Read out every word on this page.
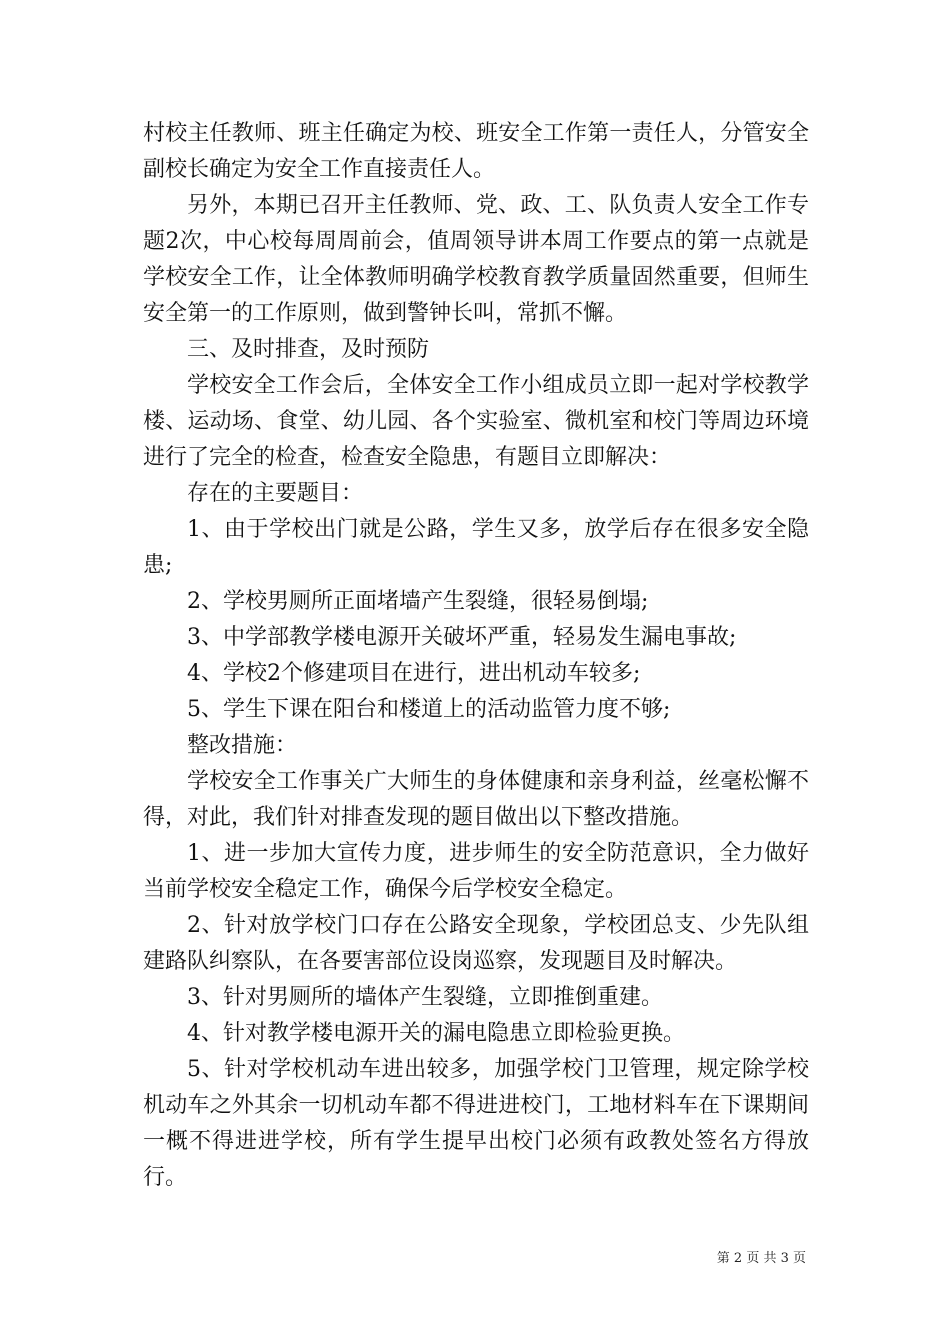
村校主任教师、班主任确定为校、班安全工作第一责任人，分管安全副校长确定为安全工作直接责任人。

另外，本期已召开主任教师、党、政、工、队负责人安全工作专题2次，中心校每周周前会，值周领导讲本周工作要点的第一点就是学校安全工作，让全体教师明确学校教育教学质量固然重要，但师生安全第一的工作原则，做到警钟长叫，常抓不懈。

三、及时排查，及时预防

学校安全工作会后，全体安全工作小组成员立即一起对学校教学楼、运动场、食堂、幼儿园、各个实验室、微机室和校门等周边环境进行了完全的检查，检查安全隐患，有题目立即解决：

存在的主要题目：

1、由于学校出门就是公路，学生又多，放学后存在很多安全隐患;

2、学校男厕所正面堵墙产生裂缝，很轻易倒塌;

3、中学部教学楼电源开关破坏严重，轻易发生漏电事故;

4、学校2个修建项目在进行，进出机动车较多;

5、学生下课在阳台和楼道上的活动监管力度不够;

整改措施：

学校安全工作事关广大师生的身体健康和亲身利益，丝毫松懈不得，对此，我们针对排查发现的题目做出以下整改措施。

1、进一步加大宣传力度，进步师生的安全防范意识，全力做好当前学校安全稳定工作，确保今后学校安全稳定。

2、针对放学校门口存在公路安全现象，学校团总支、少先队组建路队纠察队，在各要害部位设岗巡察，发现题目及时解决。

3、针对男厕所的墙体产生裂缝，立即推倒重建。

4、针对教学楼电源开关的漏电隐患立即检验更换。

5、针对学校机动车进出较多，加强学校门卫管理，规定除学校机动车之外其余一切机动车都不得进进校门，工地材料车在下课期间一概不得进进学校，所有学生提早出校门必须有政教处签名方得放行。

第 2 页 共 3 页
